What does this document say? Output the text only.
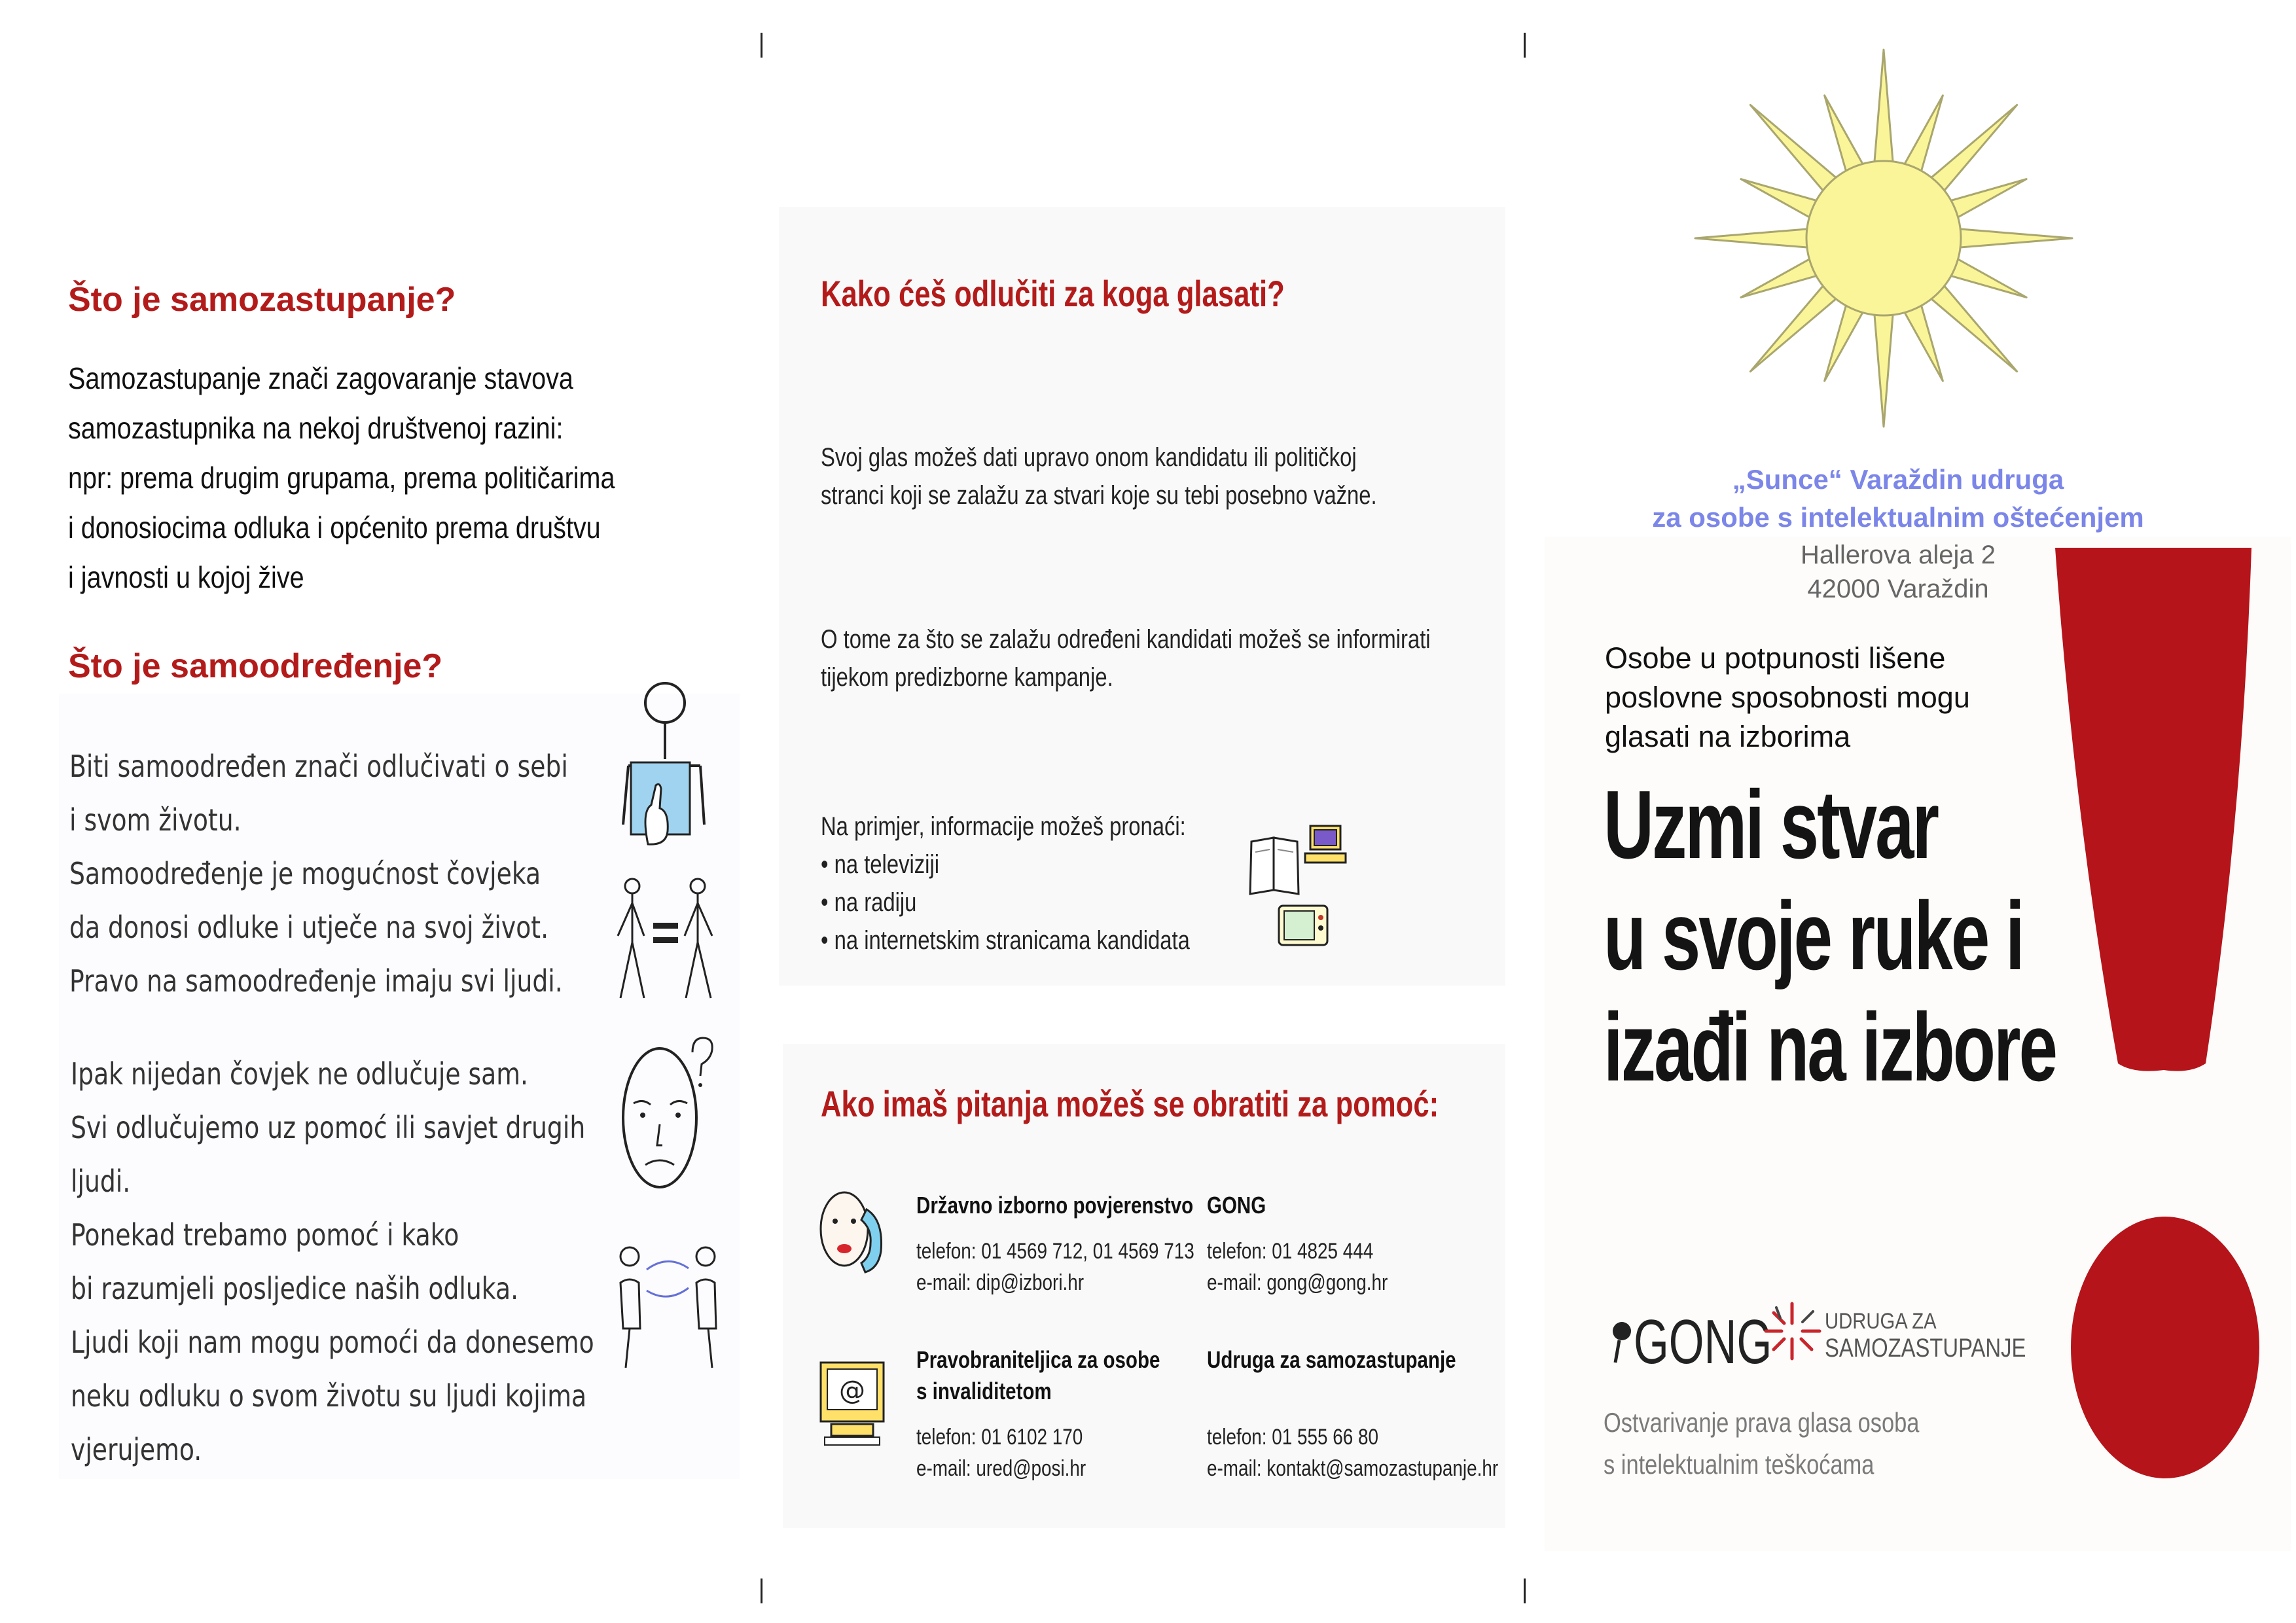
Što je samozastupanje?
Samozastupanje znači zagovaranje stavova
samozastupnika na nekoj društvenoj razini:
npr: prema drugim grupama, prema političarima
i donosiocima odluka i općenito prema društvu
i javnosti u kojoj žive
Što je samoodređenje?
Biti samoodređen znači odlučivati o sebi
i svom životu.
Samoodređenje je mogućnost čovjeka
da donosi odluke i utječe na svoj život.
Pravo na samoodređenje imaju svi ljudi.
Ipak nijedan čovjek ne odlučuje sam.
Svi odlučujemo uz pomoć ili savjet drugih
ljudi.
Ponekad trebamo pomoć i kako
bi razumjeli posljedice naših odluka.
Ljudi koji nam mogu pomoći da donesemo
neku odluku o svom životu su ljudi kojima
vjerujemo.
Kako ćeš odlučiti za koga glasati?
Svoj glas možeš dati upravo onom kandidatu ili političkoj
stranci koji se zalažu za stvari koje su tebi posebno važne.
O tome za što se zalažu određeni kandidati možeš se informirati
tijekom predizborne kampanje.
Na primjer, informacije možeš pronaći:
• na televiziji
• na radiju
• na internetskim stranicama kandidata
Ako imaš pitanja možeš se obratiti za pomoć:
@
Državno izborno povjerenstvo
telefon: 01 4569 712, 01 4569 713
e-mail: dip@izbori.hr
GONG
telefon: 01 4825 444
e-mail: gong@gong.hr
Pravobraniteljica za osobe
s invaliditetom
telefon: 01 6102 170
e-mail: ured@posi.hr
Udruga za samozastupanje
telefon: 01 555 66 80
e-mail: kontakt@samozastupanje.hr
„Sunce“ Varaždin udruga
za osobe s intelektualnim oštećenjem
Hallerova aleja 2
42000 Varaždin
Osobe u potpunosti lišene
poslovne sposobnosti mogu
glasati na izborima
Uzmi stvar
u svoje ruke i
izađi na izbore
GONG UDRUGA ZA
SAMOZASTUPANJE
Ostvarivanje prava glasa osoba
s intelektualnim teškoćama
